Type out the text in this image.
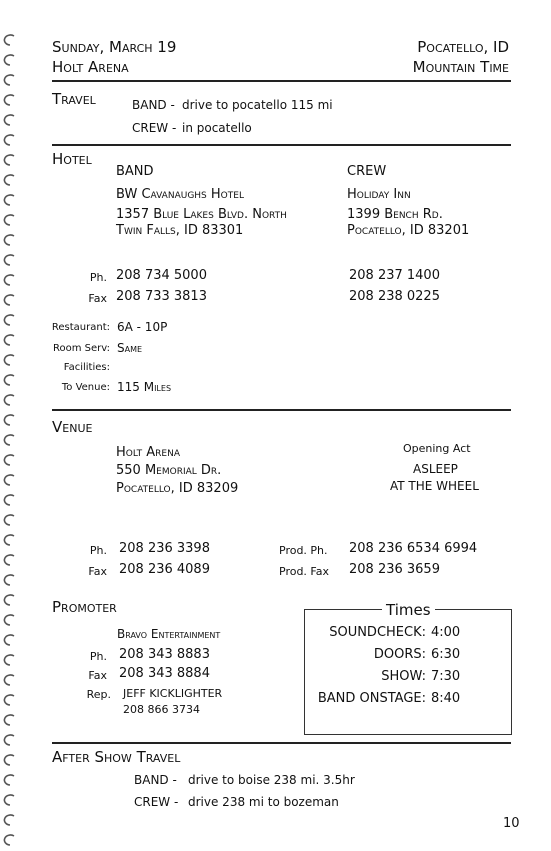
Sunday, March 19
Holt Arena
Pocatello, ID
Mountain Time
Travel	BAND - drive to pocatello 115 mi
CREW - in pocatello
Hotel
BAND
BW Cavanaughs Hotel
1357 Blue Lakes Blvd. North
Twin Falls, ID 83301
CREW
Holiday Inn
1399 Bench Rd.
Pocatello, ID 83201
Ph. 208 734 5000	208 237 1400
Fax 208 733 3813	208 238 0225
Restaurant: 6A - 10P
Room Serv: Same
Facilities:
To Venue: 115 Miles
Venue
Holt Arena
550 Memorial Dr.
Pocatello, ID 83209
Opening Act
ASLEEP
AT THE WHEEL
Ph. 208 236 3398
Fax 208 236 4089
Prod. Ph. 208 236 6534 6994
Prod. Fax 208 236 3659
Promoter
Bravo Entertainment
Ph. 208 343 8883
Fax 208 343 8884
Rep. JEFF KICKLIGHTER
208 866 3734
Times
SOUNDCHECK: 4:00
DOORS: 6:30
SHOW: 7:30
BAND ONSTAGE: 8:40
After Show Travel
BAND - drive to boise 238 mi. 3.5hr
CREW - drive 238 mi to bozeman
10
